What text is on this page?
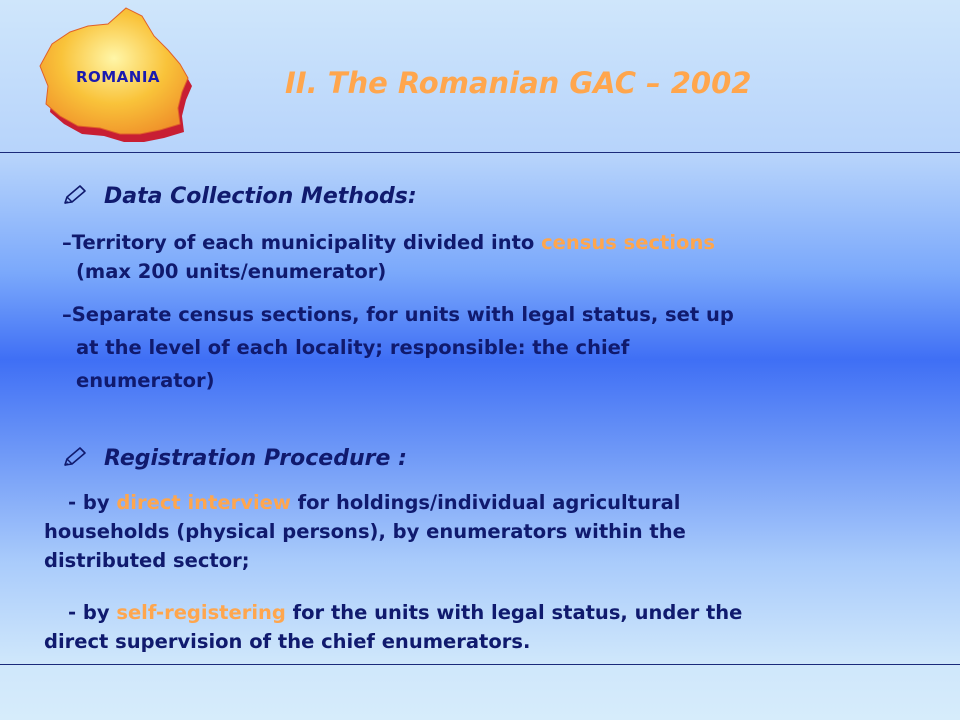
ROMANIA	II. The Romanian GAC – 2002
Data Collection Methods:
–Territory of each municipality divided into census sections
(max 200 units/enumerator)
–Separate census sections, for units with legal status, set up
at the level of each locality; responsible: the chief
enumerator)
Registration Procedure :
- by direct interview for holdings/individual agricultural
households (physical persons), by enumerators within the
distributed sector;
- by self-registering for the units with legal status, under the
direct supervision of the chief enumerators.
